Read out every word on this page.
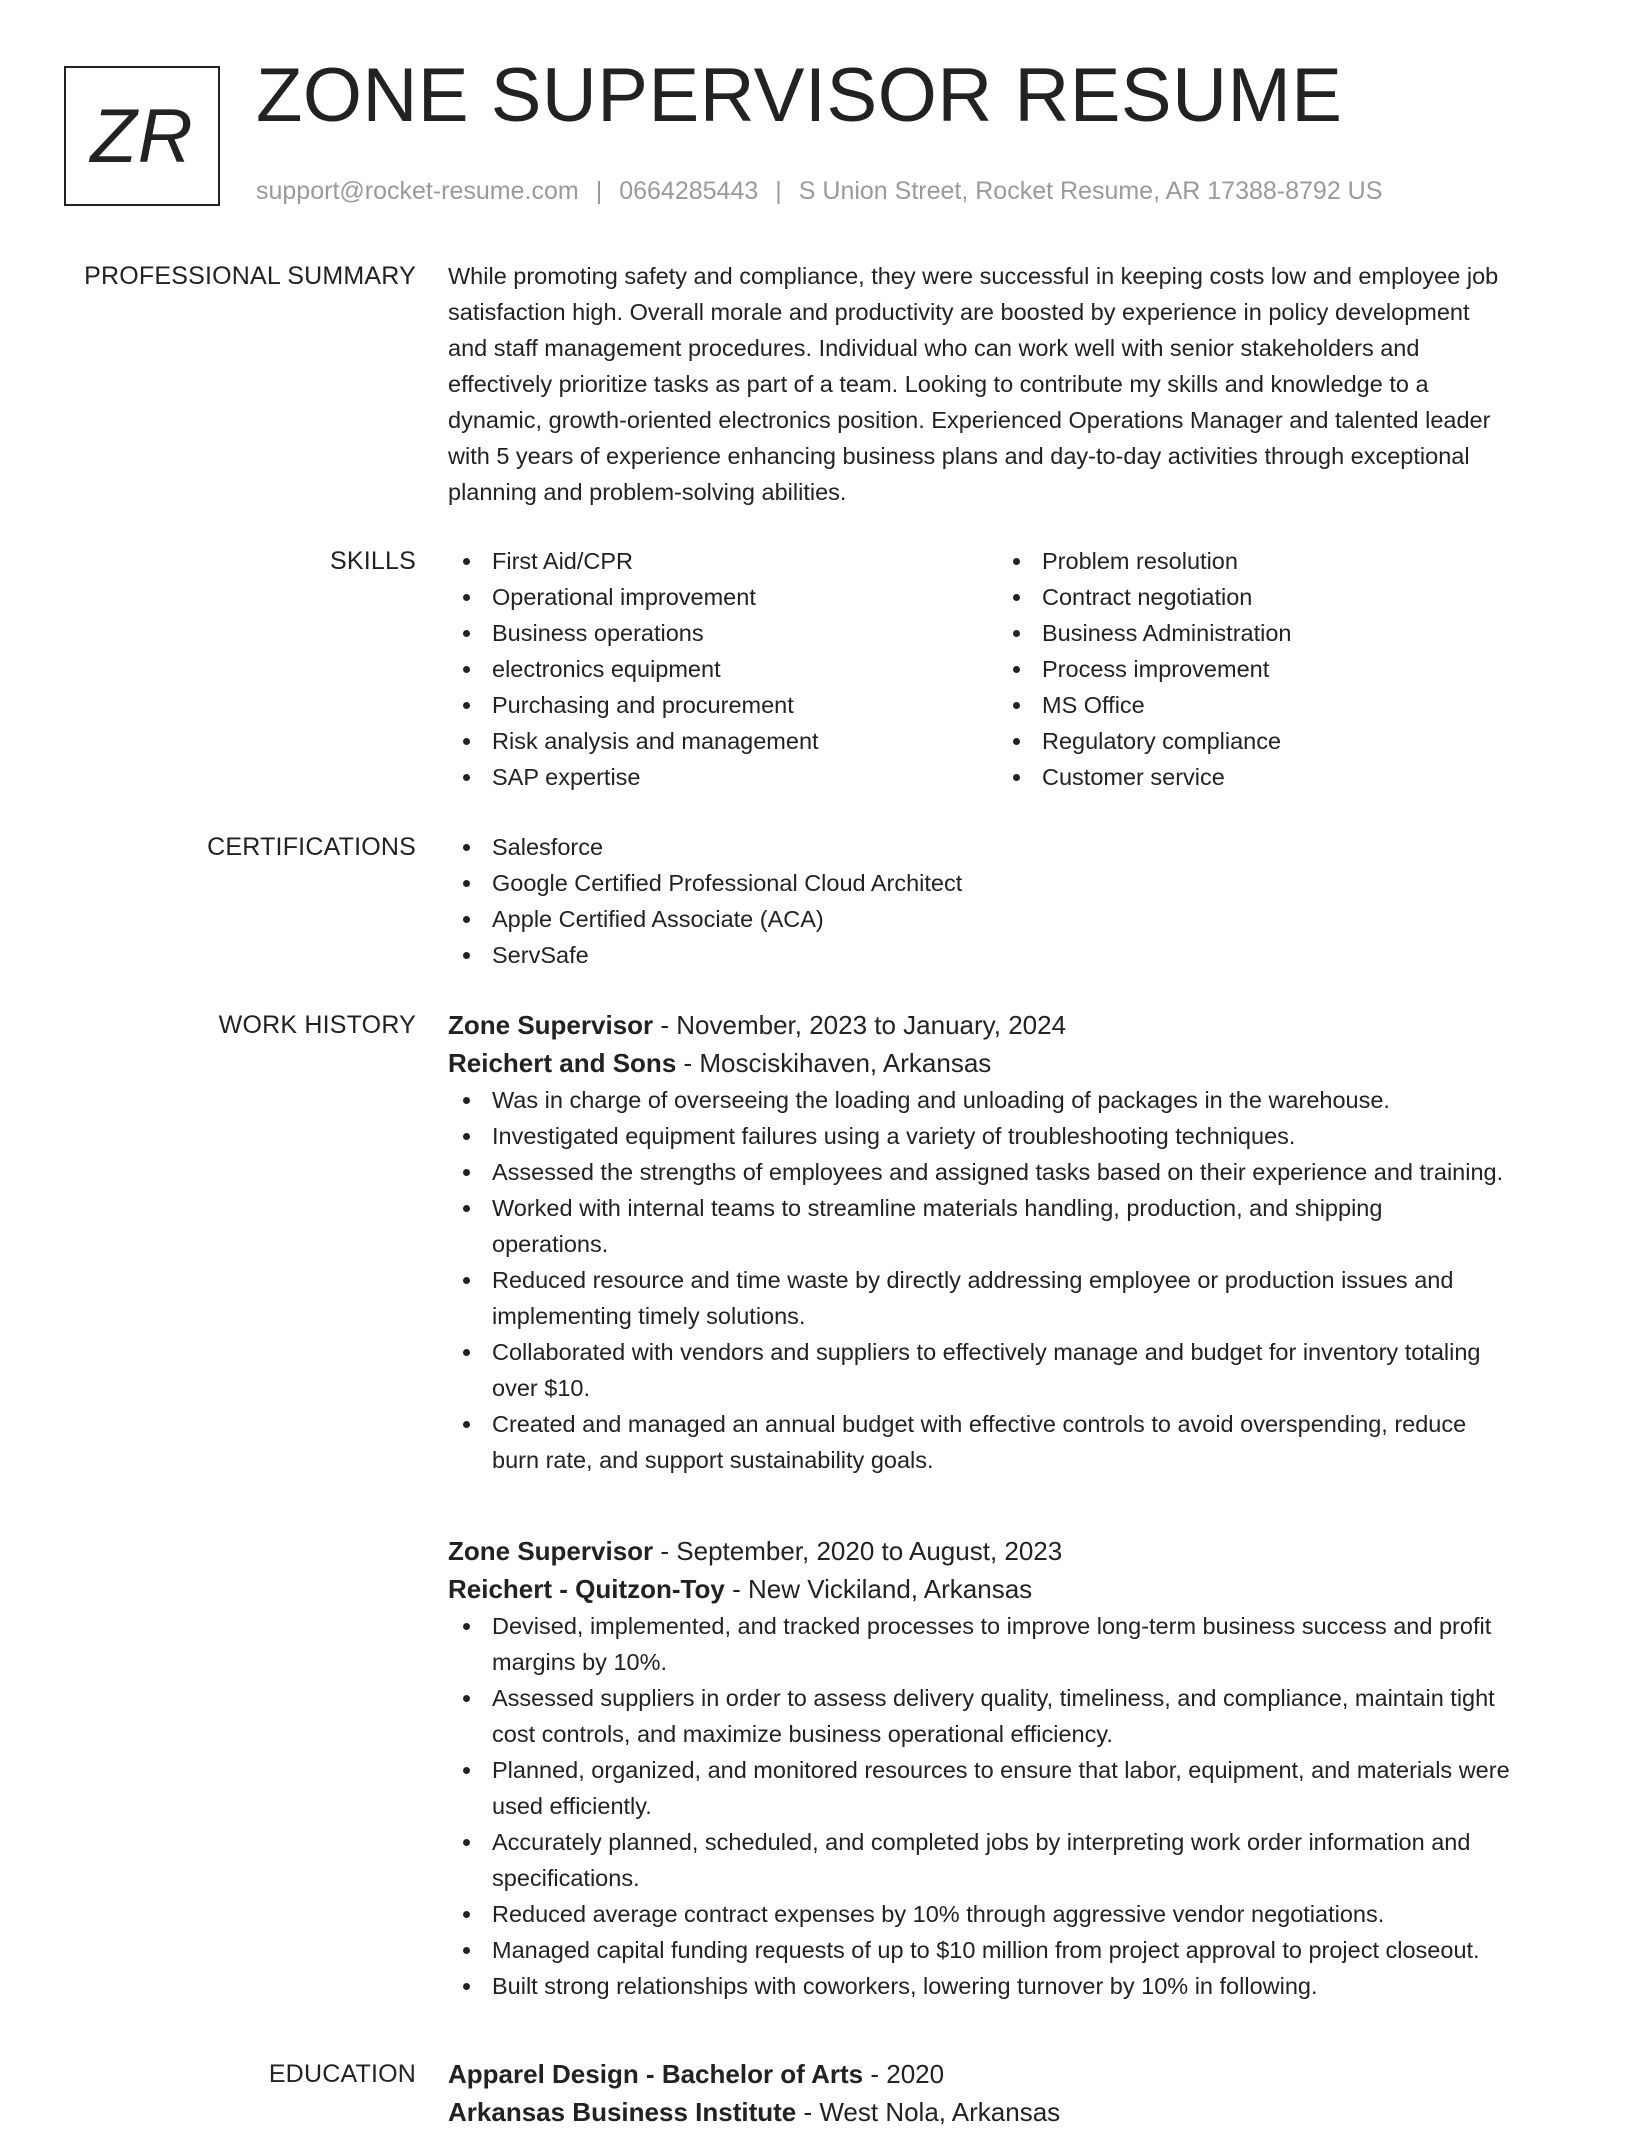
ZR ZONE SUPERVISOR RESUME
support@rocket-resume.com | 0664285443 | S Union Street, Rocket Resume, AR 17388-8792 US
PROFESSIONAL SUMMARY While promoting safety and compliance, they were successful in keeping costs low and employee job
satisfaction high. Overall morale and productivity are boosted by experience in policy development
and staff management procedures. Individual who can work well with senior stakeholders and
effectively prioritize tasks as part of a team. Looking to contribute my skills and knowledge to a
dynamic, growth-oriented electronics position. Experienced Operations Manager and talented leader
with 5 years of experience enhancing business plans and day-to-day activities through exceptional
planning and problem-solving abilities.
SKILLS	First Aid/CPR
Operational improvement
Business operations
electronics equipment
Purchasing and procurement
Risk analysis and management
SAP expertise
Problem resolution
Contract negotiation
Business Administration
Process improvement
MS Office
Regulatory compliance
Customer service
CERTIFICATIONS	Salesforce
Google Certified Professional Cloud Architect
Apple Certified Associate (ACA)
ServSafe
WORK HISTORY Zone Supervisor - November, 2023 to January, 2024
Reichert and Sons - Mosciskihaven, Arkansas
Was in charge of overseeing the loading and unloading of packages in the warehouse.
Investigated equipment failures using a variety of troubleshooting techniques.
Assessed the strengths of employees and assigned tasks based on their experience and training.
Worked with internal teams to streamline materials handling, production, and shipping
operations.
Reduced resource and time waste by directly addressing employee or production issues and
implementing timely solutions.
Collaborated with vendors and suppliers to effectively manage and budget for inventory totaling
over $10.
Created and managed an annual budget with effective controls to avoid overspending, reduce
burn rate, and support sustainability goals.
Zone Supervisor - September, 2020 to August, 2023
Reichert - Quitzon-Toy - New Vickiland, Arkansas
Devised, implemented, and tracked processes to improve long-term business success and profit
margins by 10%.
Assessed suppliers in order to assess delivery quality, timeliness, and compliance, maintain tight
cost controls, and maximize business operational efficiency.
Planned, organized, and monitored resources to ensure that labor, equipment, and materials were
used efficiently.
Accurately planned, scheduled, and completed jobs by interpreting work order information and
specifications.
Reduced average contract expenses by 10% through aggressive vendor negotiations.
Managed capital funding requests of up to $10 million from project approval to project closeout.
Built strong relationships with coworkers, lowering turnover by 10% in following.
EDUCATION Apparel Design - Bachelor of Arts - 2020
Arkansas Business Institute - West Nola, Arkansas
